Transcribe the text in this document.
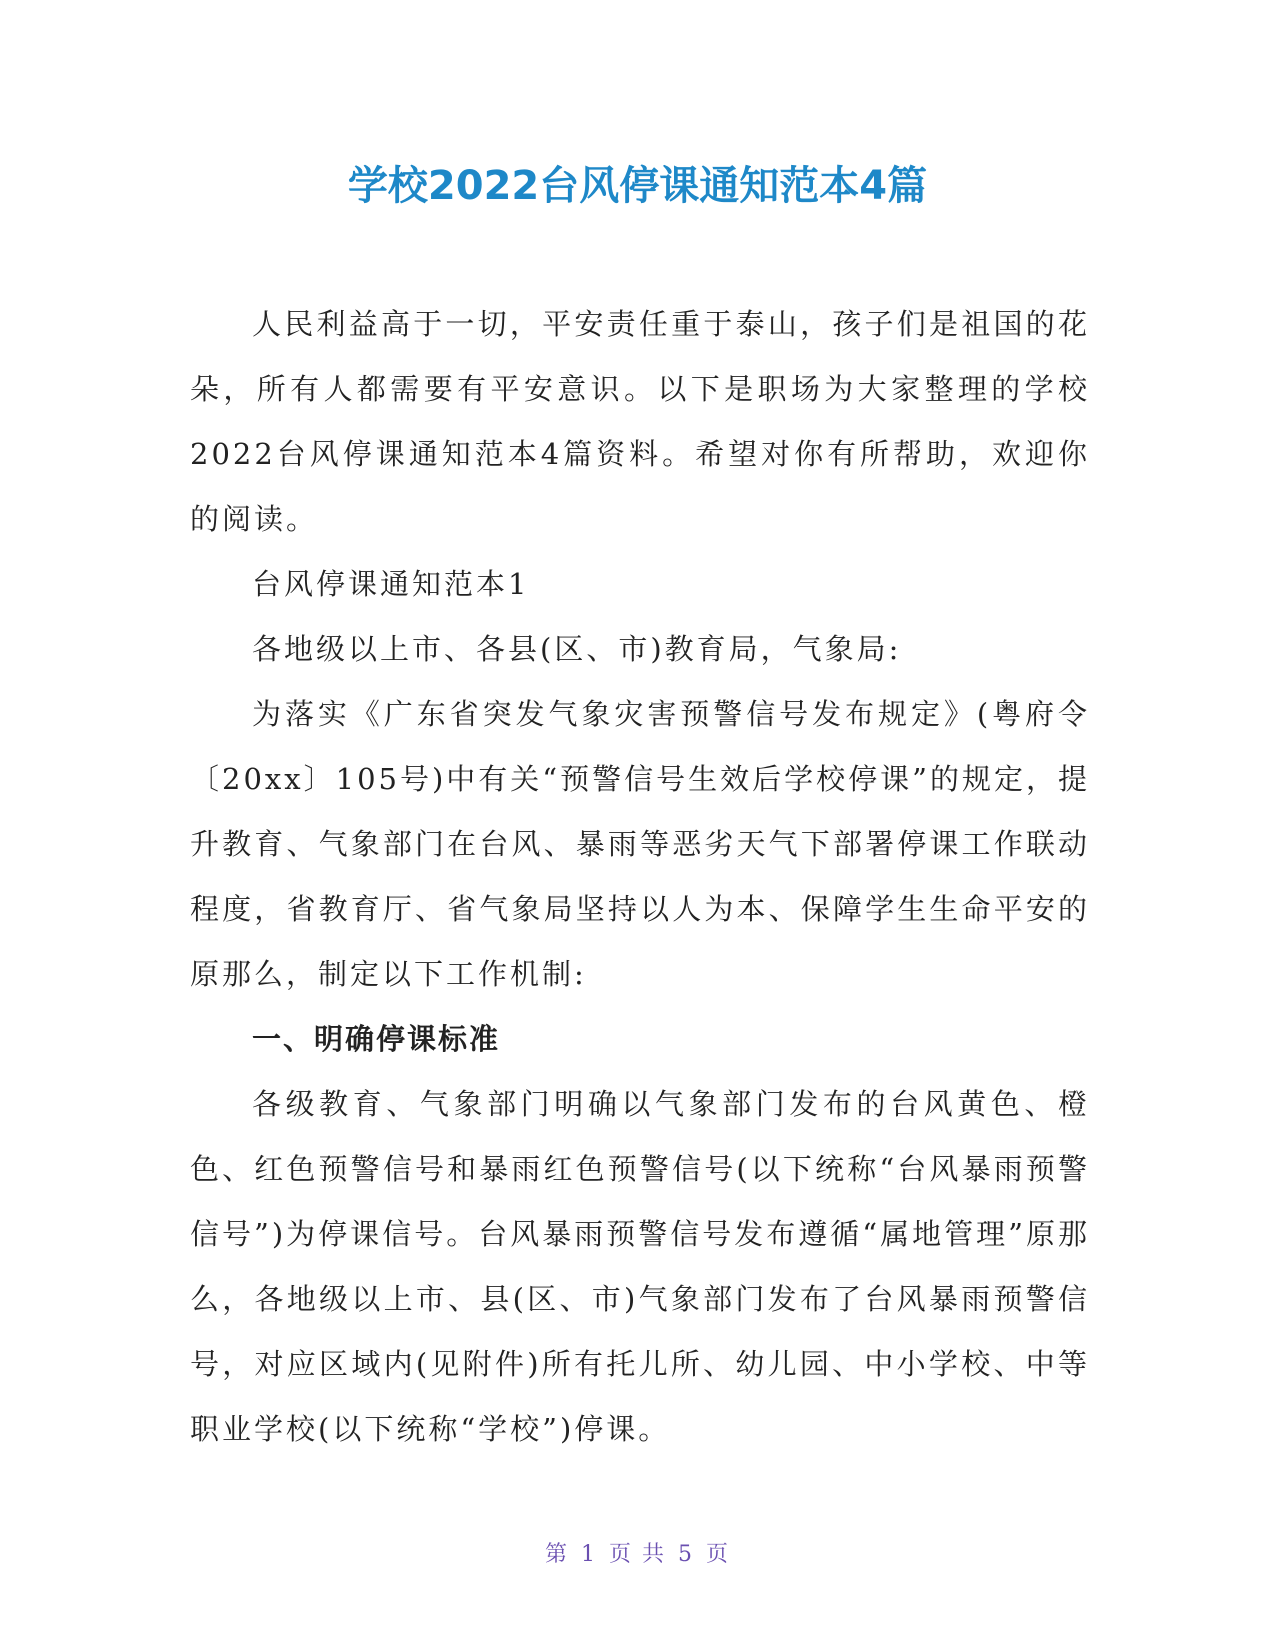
学校2022台风停课通知范本4篇

人民利益高于一切，平安责任重于泰山，孩子们是祖国的花朵，所有人都需要有平安意识。以下是职场为大家整理的学校2022台风停课通知范本4篇资料。希望对你有所帮助，欢迎你的阅读。

台风停课通知范本1

各地级以上市、各县(区、市)教育局，气象局:

为落实《广东省突发气象灾害预警信号发布规定》(粤府令〔20xx〕105号)中有关“预警信号生效后学校停课”的规定，提升教育、气象部门在台风、暴雨等恶劣天气下部署停课工作联动程度，省教育厅、省气象局坚持以人为本、保障学生生命平安的原那么，制定以下工作机制:

一、明确停课标准

各级教育、气象部门明确以气象部门发布的台风黄色、橙色、红色预警信号和暴雨红色预警信号(以下统称“台风暴雨预警信号”)为停课信号。台风暴雨预警信号发布遵循“属地管理”原那么，各地级以上市、县(区、市)气象部门发布了台风暴雨预警信号，对应区域内(见附件)所有托儿所、幼儿园、中小学校、中等职业学校(以下统称“学校”)停课。

第 1 页 共 5 页
